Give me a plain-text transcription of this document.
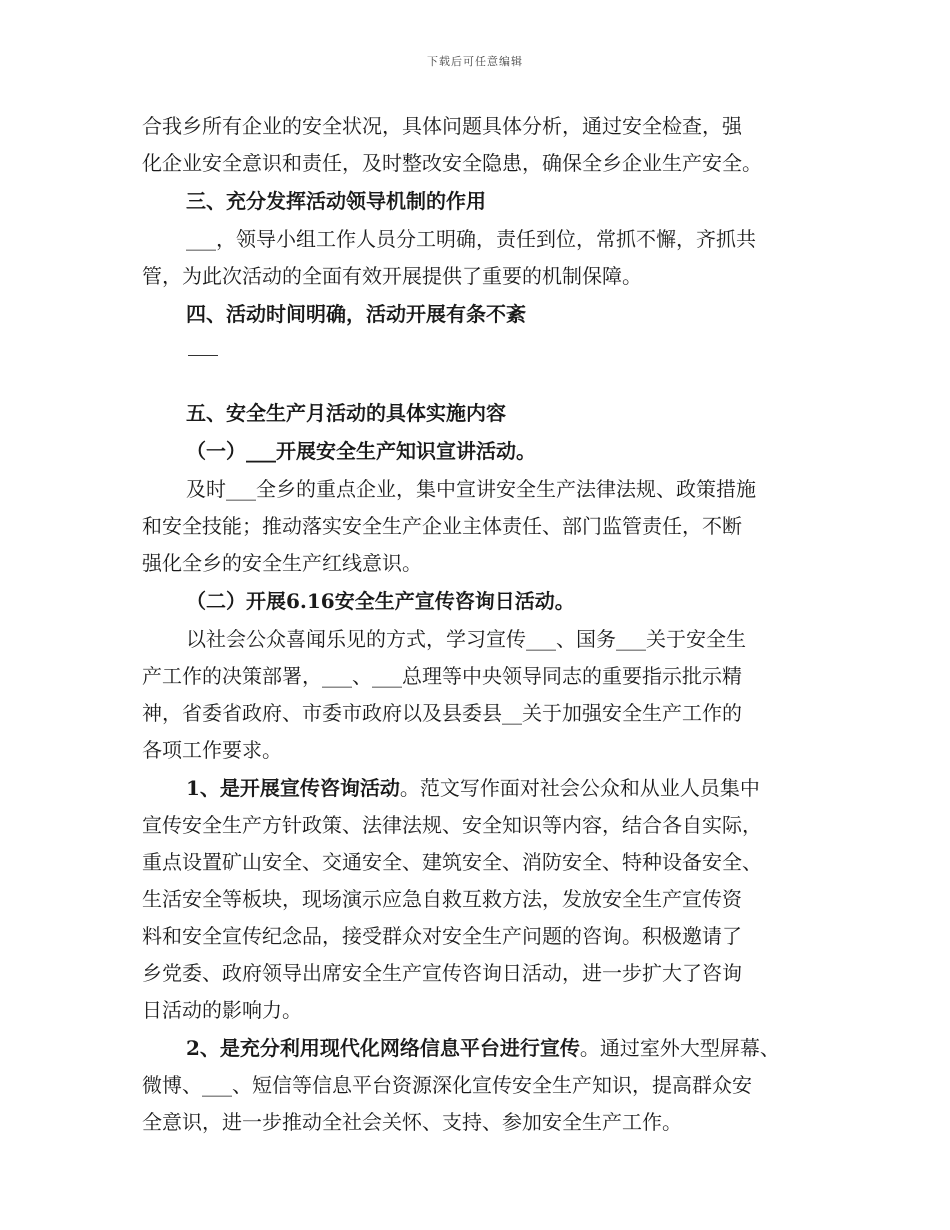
下载后可任意编辑
合我乡所有企业的安全状况，具体问题具体分析，通过安全检查，强
化企业安全意识和责任，及时整改安全隐患，确保全乡企业生产安全。
三、充分发挥活动领导机制的作用
___，领导小组工作人员分工明确，责任到位，常抓不懈，齐抓共
管，为此次活动的全面有效开展提供了重要的机制保障。
四、活动时间明确，活动开展有条不紊
五、安全生产月活动的具体实施内容
（一）___开展安全生产知识宣讲活动。
及时___全乡的重点企业，集中宣讲安全生产法律法规、政策措施
和安全技能；推动落实安全生产企业主体责任、部门监管责任，不断
强化全乡的安全生产红线意识。
（二）开展6.16安全生产宣传咨询日活动。
以社会公众喜闻乐见的方式，学习宣传___、国务___关于安全生
产工作的决策部署，___、___总理等中央领导同志的重要指示批示精
神，省委省政府、市委市政府以及县委县__关于加强安全生产工作的
各项工作要求。
1、是开展宣传咨询活动。范文写作面对社会公众和从业人员集中
宣传安全生产方针政策、法律法规、安全知识等内容，结合各自实际，
重点设置矿山安全、交通安全、建筑安全、消防安全、特种设备安全、
生活安全等板块，现场演示应急自救互救方法，发放安全生产宣传资
料和安全宣传纪念品，接受群众对安全生产问题的咨询。积极邀请了
乡党委、政府领导出席安全生产宣传咨询日活动，进一步扩大了咨询
日活动的影响力。
2、是充分利用现代化网络信息平台进行宣传。通过室外大型屏幕、
微博、___、短信等信息平台资源深化宣传安全生产知识，提高群众安
全意识，进一步推动全社会关怀、支持、参加安全生产工作。
